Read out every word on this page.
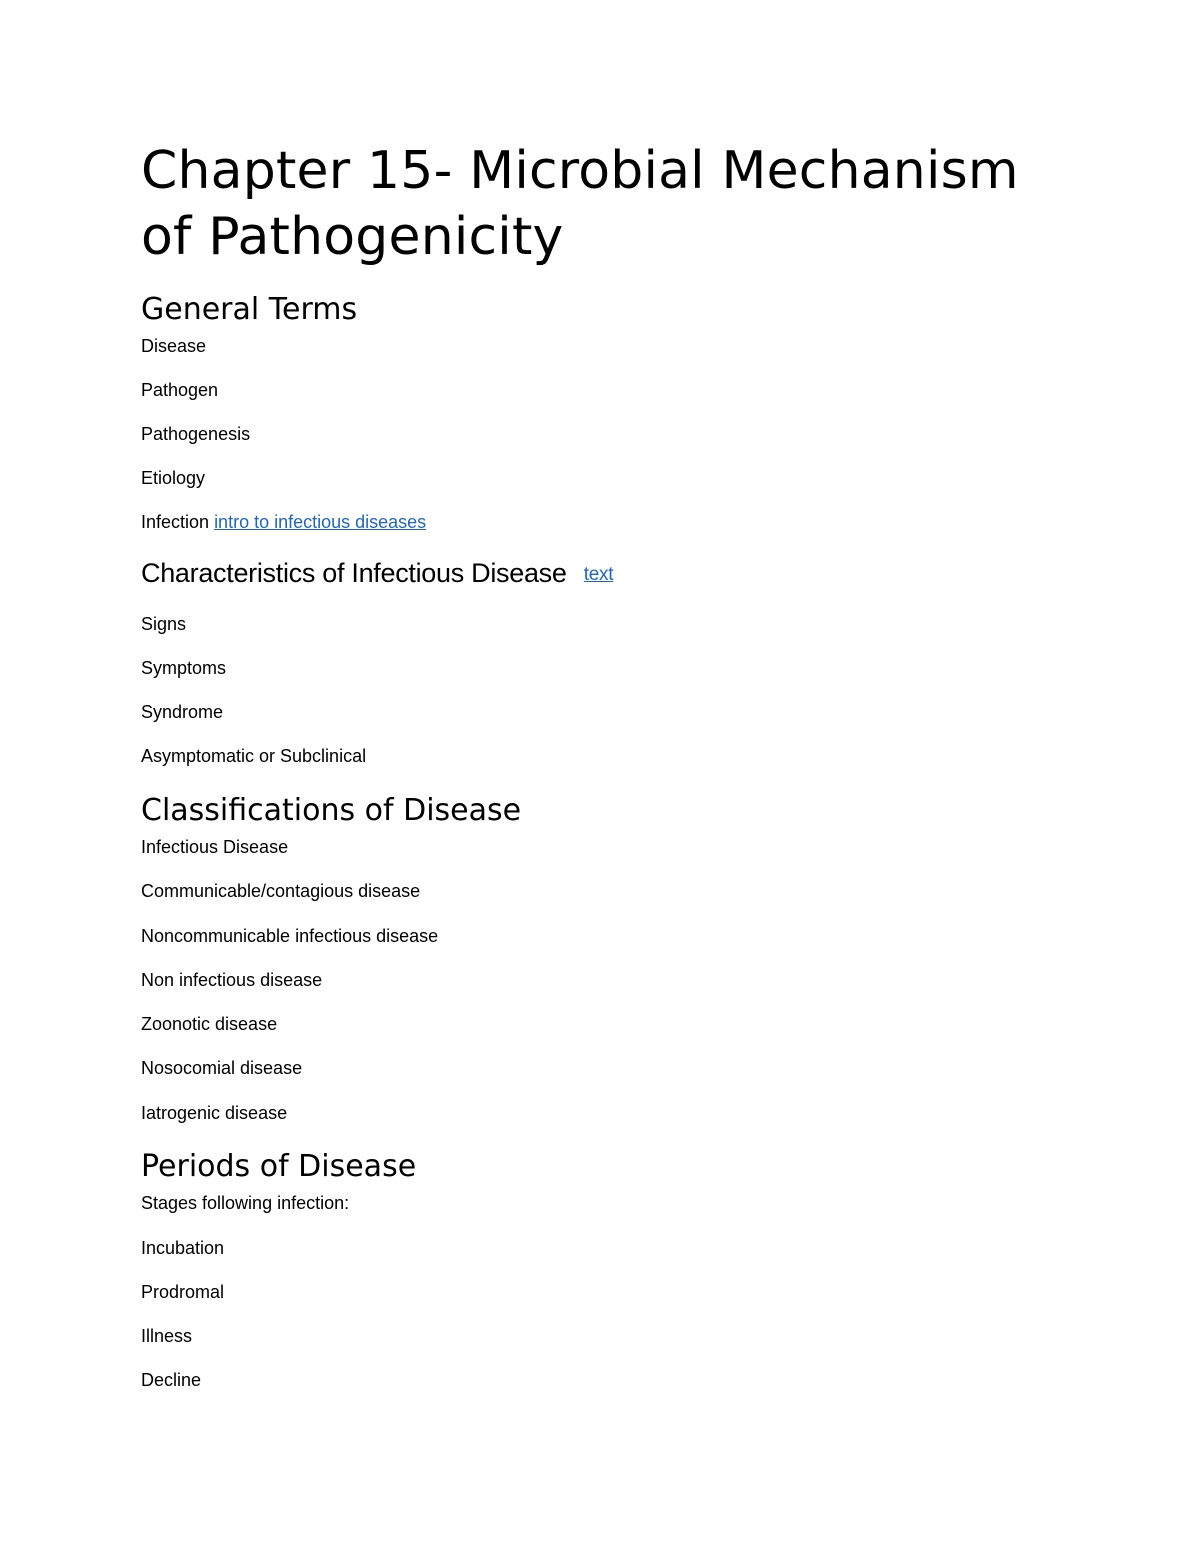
Chapter 15- Microbial Mechanism of Pathogenicity
General Terms

Disease

Pathogen

Pathogenesis

Etiology

Infection intro to infectious diseases

Characteristics of Infectious Disease text

Signs

Symptoms

Syndrome

Asymptomatic or Subclinical

Classifications of Disease

Infectious Disease

Communicable/contagious disease

Noncommunicable infectious disease

Non infectious disease

Zoonotic disease

Nosocomial disease

Iatrogenic disease

Periods of Disease

Stages following infection:

Incubation

Prodromal

Illness

Decline
